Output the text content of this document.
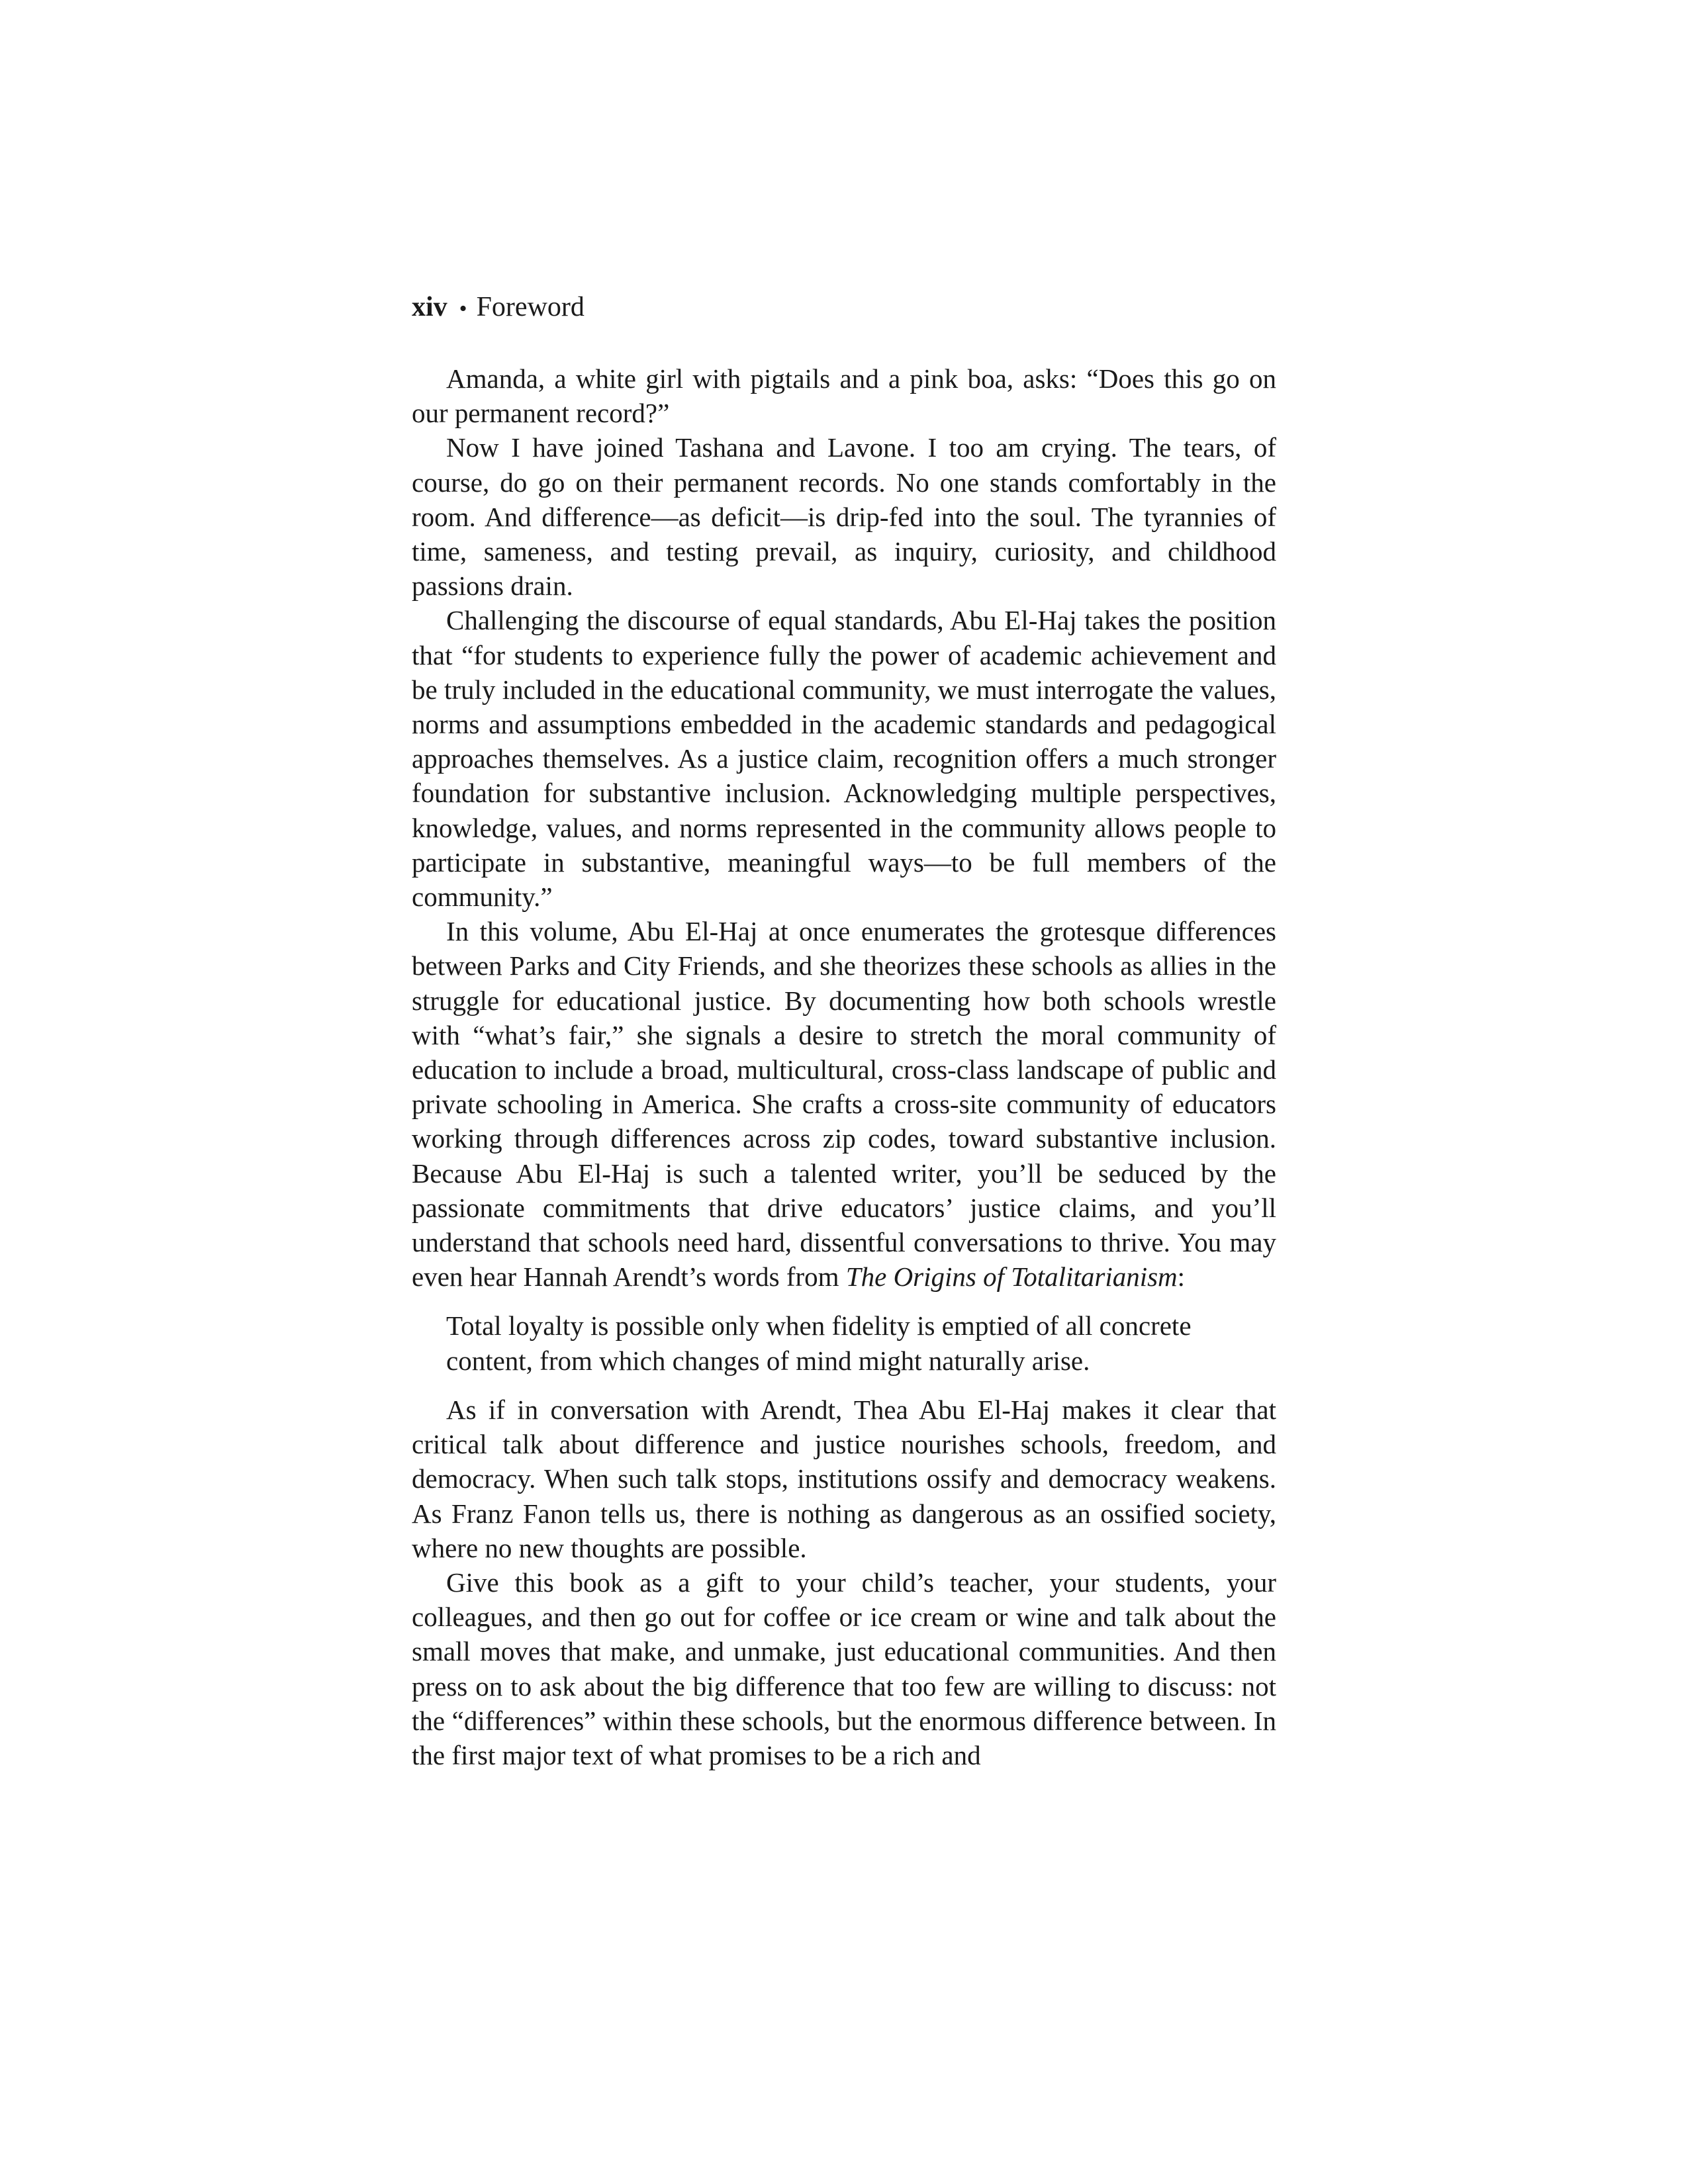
xiv • Foreword

Amanda, a white girl with pigtails and a pink boa, asks: “Does this go on our permanent record?”

Now I have joined Tashana and Lavone. I too am crying. The tears, of course, do go on their permanent records. No one stands comfortably in the room. And difference—as deficit—is drip-fed into the soul. The tyrannies of time, sameness, and testing prevail, as inquiry, curiosity, and childhood passions drain.

Challenging the discourse of equal standards, Abu El-Haj takes the position that “for students to experience fully the power of academic achievement and be truly included in the educational community, we must interrogate the values, norms and assumptions embedded in the academic standards and pedagogical approaches themselves. As a justice claim, recognition offers a much stronger foundation for substantive inclusion. Acknowledging multiple perspectives, knowledge, values, and norms represented in the community allows people to participate in substantive, meaningful ways—to be full members of the community.”

In this volume, Abu El-Haj at once enumerates the grotesque differences between Parks and City Friends, and she theorizes these schools as allies in the struggle for educational justice. By documenting how both schools wrestle with “what’s fair,” she signals a desire to stretch the moral community of education to include a broad, multicultural, cross-class landscape of public and private schooling in America. She crafts a cross-site community of educators working through differences across zip codes, toward substantive inclusion. Because Abu El-Haj is such a talented writer, you’ll be seduced by the passionate commitments that drive educators’ justice claims, and you’ll understand that schools need hard, dissentful conversations to thrive. You may even hear Hannah Arendt’s words from The Origins of Totalitarianism:

Total loyalty is possible only when fidelity is emptied of all concrete
content, from which changes of mind might naturally arise.

As if in conversation with Arendt, Thea Abu El-Haj makes it clear that critical talk about difference and justice nourishes schools, freedom, and democracy. When such talk stops, institutions ossify and democracy weakens. As Franz Fanon tells us, there is nothing as dangerous as an ossified society, where no new thoughts are possible.

Give this book as a gift to your child’s teacher, your students, your colleagues, and then go out for coffee or ice cream or wine and talk about the small moves that make, and unmake, just educational communities. And then press on to ask about the big difference that too few are willing to discuss: not the “differences” within these schools, but the enormous difference between. In the first major text of what promises to be a rich and
